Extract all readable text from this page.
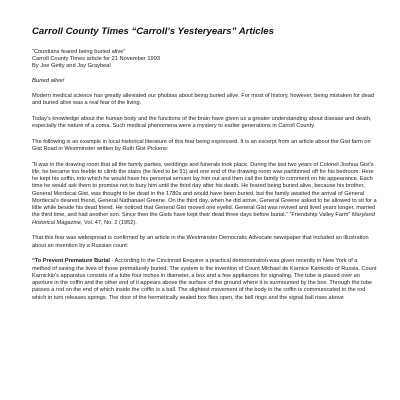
Carroll County Times “Carroll’s Yesteryears” Articles

“Countians feared being buried alive”

Carroll County Times article for 21 November 1993

By Joe Getty and Jay Graybeal

Buried alive!

Modern medical science has greatly alleviated our phobias about being buried alive. For most of history, however, being mistaken for dead and buried alive was a real fear of the living.

Today’s knowledge about the human body and the functions of the brain have given us a greater understanding about disease and death, especially the nature of a coma. Such medical phenomena were a mystery to earlier generations in Carroll County.

The following is an example in local historical literature of this fear being expressed. It is an excerpt from an article about the Gist farm on Gist Road in Westminster written by Ruth Gist Pickens:

“It was in the drawing room that all the family parties, weddings and funerals took place. During the last two years of Colonel Joshua Gist’s life, he became too feeble to climb the stairs (he lived to be 91) and one end of the drawing room was partitioned off for his bedroom. Here he kept his coffin, into which he would have his personal servant lay him out and then call the family to comment on his appearance. Each time he would ask them to promise not to bury him until the third day after his death. He feared being buried alive, because his brother, General Mordecai Gist, was thought to be dead in the 1780s and would have been buried, but the family awaited the arrival of General Mordecai’s dearest friend, General Nathanael Greene. On the third day, when he did arrive, General Greene asked to be allowed to sit for a little while beside his dead friend. He noticed that General Gist moved one eyelid. General Gist was revived and lived years longer, married the third time, and had another son. Since then the Gists have kept their dead three days before burial.” “Friendship Valley Farm” Maryland Historical Magazine, Vol. 47, No. 2 (1952).

That this fear was widespread is confirmed by an article in the Westminster Democratic Advocate newspaper that included an illustration about an invention by a Russian count:

“To Prevent Premature Burial - According to the Cincinnati Enquirer a practical demonstration was given recently in New York of a method of saving the lives of those prematurely buried. The system is the invention of Count Michael de Karnice Karnicklo of Russia. Count Karnicklo’s apparatus consists of a tube four inches in diameter, a box and a few appliances for signaling. The tube is placed over an aperture in the coffin and the other end of it appears above the surface of the ground where it is surmounted by the box. Through the tube passes a rod on the end of which inside the coffin is a ball. The slightest movement of the body in the coffin is communicated to the rod which in turn releases springs. The door of the hermetically sealed box flies open, the bell rings and the signal ball rises above
